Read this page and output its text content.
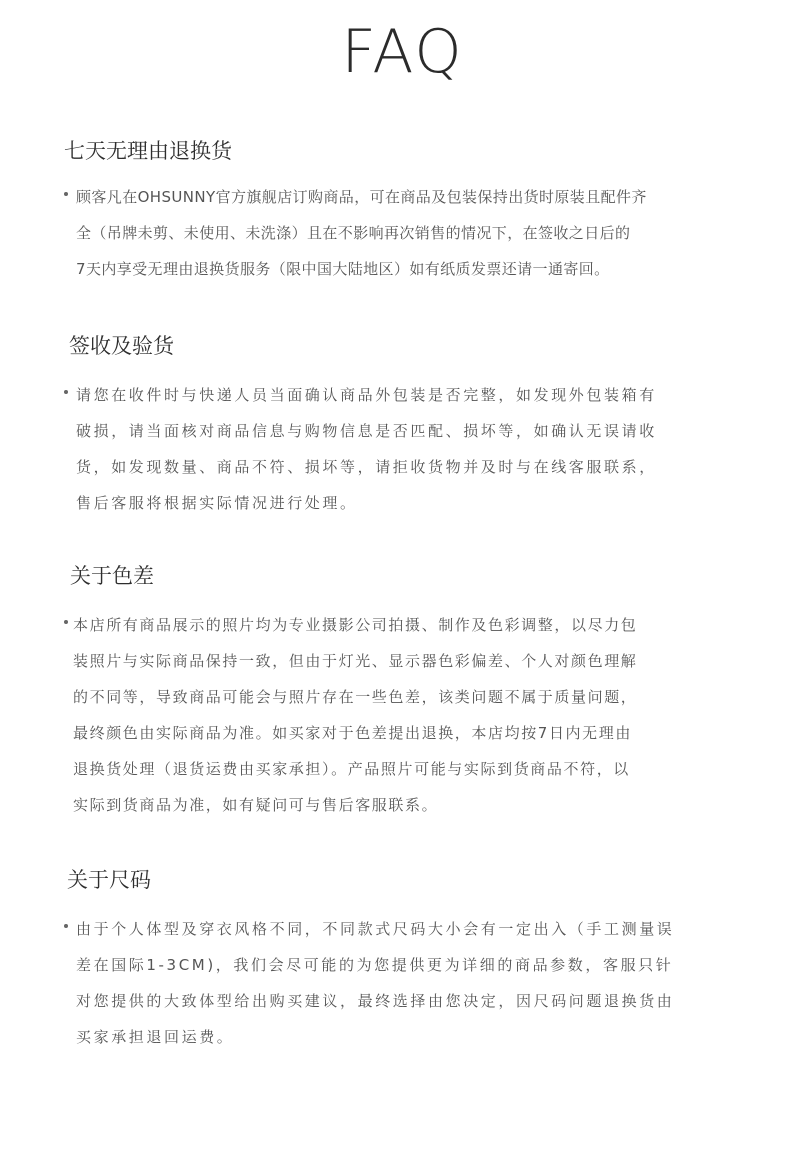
FAQ
七天无理由退换货
顾客凡在OHSUNNY官方旗舰店订购商品，可在商品及包装保持出货时原装且配件齐
全（吊牌未剪、未使用、未洗涤）且在不影响再次销售的情况下，在签收之日后的
7天内享受无理由退换货服务（限中国大陆地区）如有纸质发票还请一通寄回。
签收及验货
请您在收件时与快递人员当面确认商品外包装是否完整，如发现外包装箱有
破损，请当面核对商品信息与购物信息是否匹配、损坏等，如确认无误请收
货，如发现数量、商品不符、损坏等，请拒收货物并及时与在线客服联系，
售后客服将根据实际情况进行处理。
关于色差
本店所有商品展示的照片均为专业摄影公司拍摄、制作及色彩调整，以尽力包
装照片与实际商品保持一致，但由于灯光、显示器色彩偏差、个人对颜色理解
的不同等，导致商品可能会与照片存在一些色差，该类问题不属于质量问题，
最终颜色由实际商品为准。如买家对于色差提出退换，本店均按7日内无理由
退换货处理（退货运费由买家承担）。产品照片可能与实际到货商品不符，以
实际到货商品为准，如有疑问可与售后客服联系。
关于尺码
由于个人体型及穿衣风格不同，不同款式尺码大小会有一定出入（手工测量误
差在国际1-3CM)，我们会尽可能的为您提供更为详细的商品参数，客服只针
对您提供的大致体型给出购买建议，最终选择由您决定，因尺码问题退换货由
买家承担退回运费。
